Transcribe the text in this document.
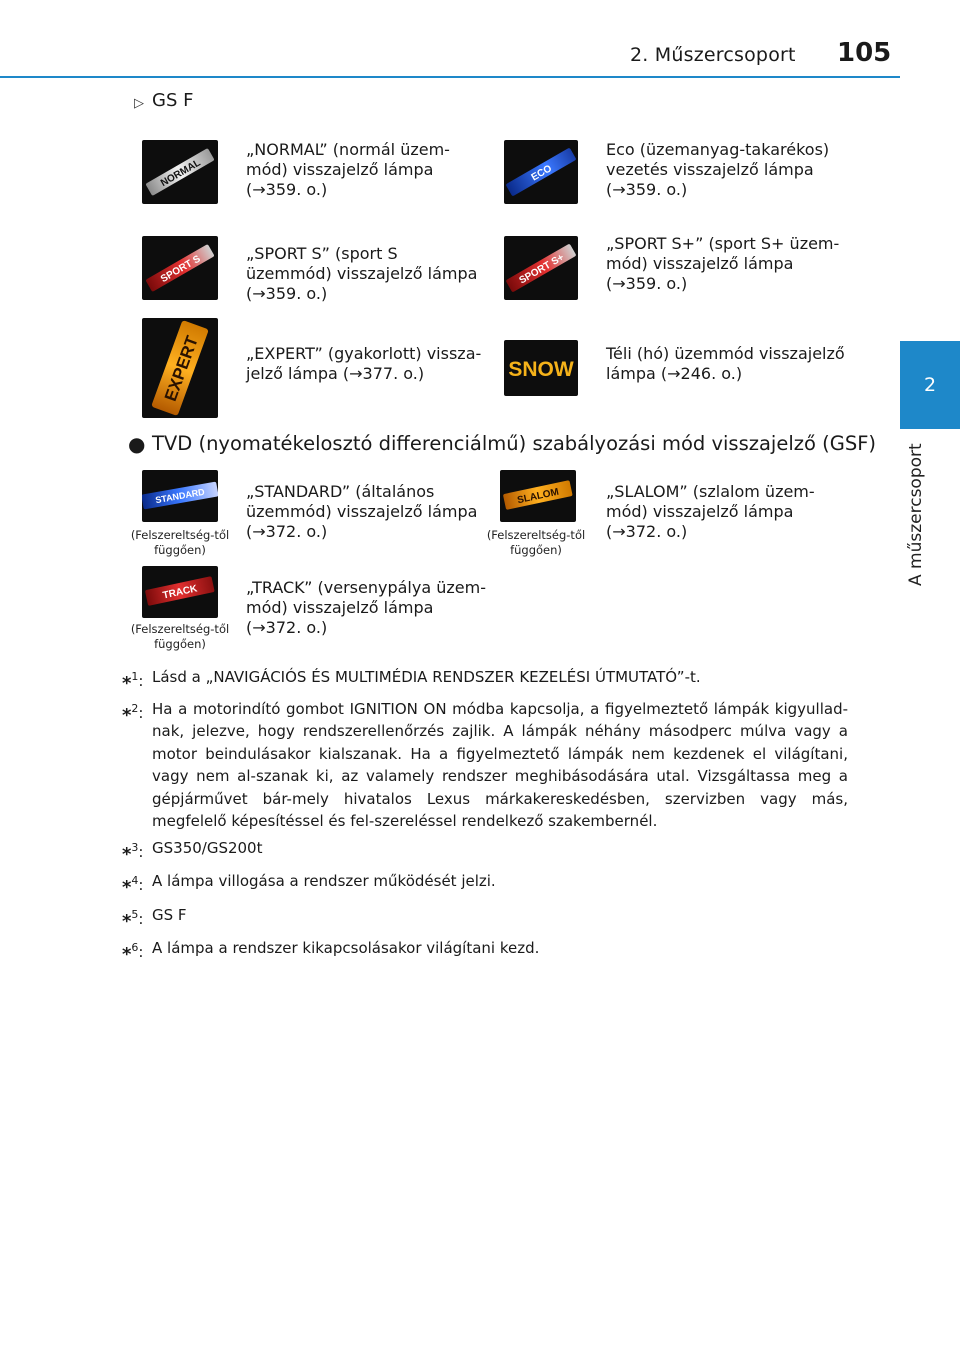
2. Műszercsoport 105
2
A műszercsoport
▷ GS F
NORMAL
„NORMAL” (normál üzem-mód) visszajelző lámpa (→359. o.)
ECO
Eco (üzemanyag-takarékos) vezetés visszajelző lámpa (→359. o.)
SPORT S
„SPORT S” (sport S üzemmód) visszajelző lámpa (→359. o.)
SPORT S+
„SPORT S+” (sport S+ üzem-mód) visszajelző lámpa (→359. o.)
EXPERT	„EXPERT” (gyakorlott) vissza-jelző lámpa (→377. o.)	SNOW
Téli (hó) üzemmód visszajelző lámpa (→246. o.)
● TVD (nyomatékelosztó differenciálmű) szabályozási mód visszajelző (GSF)
STANDARD
(Felszereltség-től függően)
„STANDARD” (általános üzemmód) visszajelző lámpa (→372. o.)
SLALOM
(Felszereltség-től függően)
„SLALOM” (szlalom üzem-mód) visszajelző lámpa (→372. o.)
TRACK
(Felszereltség-től függően)
„TRACK” (versenypálya üzem-mód) visszajelző lámpa (→372. o.)
*$^1$: Lásd a „NAVIGÁCIÓS ÉS MULTIMÉDIA RENDSZER KEZELÉSI ÚTMUTATÓ”-t.
*$^2$: Ha a motorindító gombot IGNITION ON módba kapcsolja, a figyelmeztető lámpák kigyullad-nak, jelezve, hogy rendszerellenőrzés zajlik. A lámpák néhány másodperc múlva vagy a motor beindulásakor kialszanak. Ha a figyelmeztető lámpák nem kezdenek el világítani, vagy nem al-szanak ki, az valamely rendszer meghibásodására utal. Vizsgáltassa meg a gépjárművet bár-mely hivatalos Lexus márkakereskedésben, szervizben vagy más, megfelelő képesítéssel és fel-szereléssel rendelkező szakembernél.
*$^3$: GS350/GS200t
*$^4$: A lámpa villogása a rendszer működését jelzi.
*$^5$: GS F
*$^6$: A lámpa a rendszer kikapcsolásakor világítani kezd.
